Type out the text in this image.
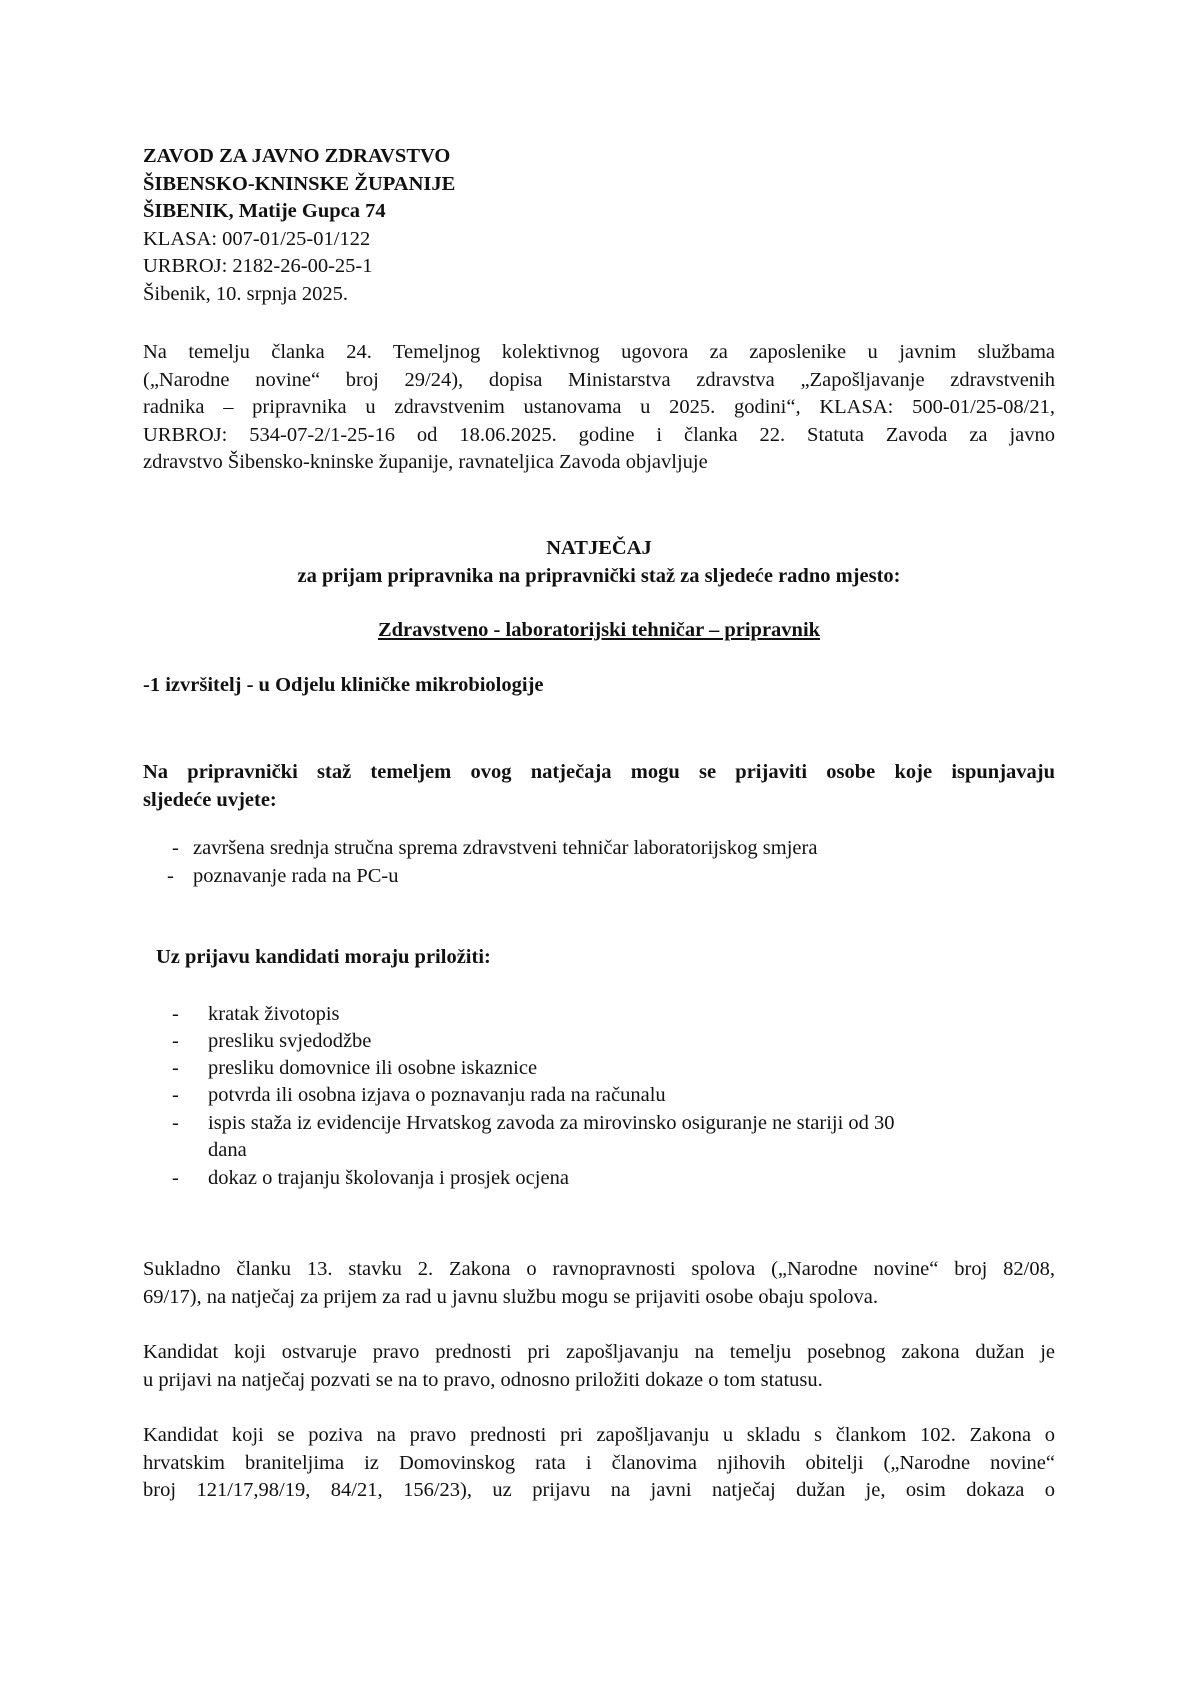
ZAVOD ZA JAVNO ZDRAVSTVO
ŠIBENSKO-KNINSKE ŽUPANIJE
ŠIBENIK, Matije Gupca 74
KLASA: 007-01/25-01/122
URBROJ: 2182-26-00-25-1
Šibenik, 10. srpnja 2025.
Na temelju članka 24. Temeljnog kolektivnog ugovora za zaposlenike u javnim službama
(„Narodne novine“ broj 29/24), dopisa Ministarstva zdravstva „Zapošljavanje zdravstvenih
radnika – pripravnika u zdravstvenim ustanovama u 2025. godini“, KLASA: 500-01/25-08/21,
URBROJ: 534-07-2/1-25-16 od 18.06.2025. godine i članka 22. Statuta Zavoda za javno
zdravstvo Šibensko-kninske županije, ravnateljica Zavoda objavljuje
NATJEČAJ
za prijam pripravnika na pripravnički staž za sljedeće radno mjesto:
Zdravstveno - laboratorijski tehničar – pripravnik
-1 izvršitelj - u Odjelu kliničke mikrobiologije
Na pripravnički staž temeljem ovog natječaja mogu se prijaviti osobe koje ispunjavaju
sljedeće uvjete:
- završena srednja stručna sprema zdravstveni tehničar laboratorijskog smjera
- poznavanje rada na PC-u
Uz prijavu kandidati moraju priložiti:
- kratak životopis
- presliku svjedodžbe
- presliku domovnice ili osobne iskaznice
- potvrda ili osobna izjava o poznavanju rada na računalu
- ispis staža iz evidencije Hrvatskog zavoda za mirovinsko osiguranje ne stariji od 30
dana
- dokaz o trajanju školovanja i prosjek ocjena
Sukladno članku 13. stavku 2. Zakona o ravnopravnosti spolova („Narodne novine“ broj 82/08,
69/17), na natječaj za prijem za rad u javnu službu mogu se prijaviti osobe obaju spolova.
Kandidat koji ostvaruje pravo prednosti pri zapošljavanju na temelju posebnog zakona dužan je
u prijavi na natječaj pozvati se na to pravo, odnosno priložiti dokaze o tom statusu.
Kandidat koji se poziva na pravo prednosti pri zapošljavanju u skladu s člankom 102. Zakona o
hrvatskim braniteljima iz Domovinskog rata i članovima njihovih obitelji („Narodne novine“
broj 121/17,98/19, 84/21, 156/23), uz prijavu na javni natječaj dužan je, osim dokaza o
